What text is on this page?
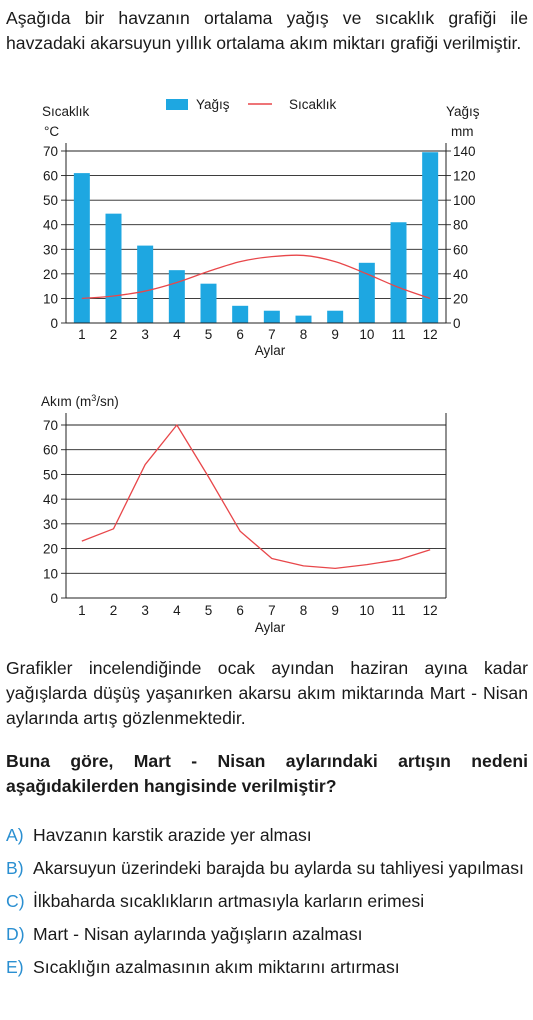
Aşağıda bir havzanın ortalama yağış ve sıcaklık grafiği ile havzadaki akarsuyun yıllık ortalama akım miktarı grafiği verilmiştir.

Sıcaklık
°C
Yağış
mm
Yağış	Sıcaklık
0
10
20
30
40
50
60
70
0
20
40
60
80
100
120
140
1 2 3 4 5 6 7 8 9 10 11 12
Aylar
Akım $(m^3/sn)$
0
10
20
30
40
50
60
70
1 2 3 4 5 6 7 8 9 10 11 12
Aylar

Grafikler incelendiğinde ocak ayından haziran ayına kadar yağışlarda düşüş yaşanırken akarsu akım miktarında Mart - Nisan aylarında artış gözlenmektedir.

Buna göre, Mart - Nisan aylarındaki artışın nedeni aşağıdakilerden hangisinde verilmiştir?

A) Havzanın karstik arazide yer alması
B) Akarsuyun üzerindeki barajda bu aylarda su tahliyesi yapılması
C) İlkbaharda sıcaklıkların artmasıyla karların erimesi
D) Mart - Nisan aylarında yağışların azalması
E) Sıcaklığın azalmasının akım miktarını artırması
